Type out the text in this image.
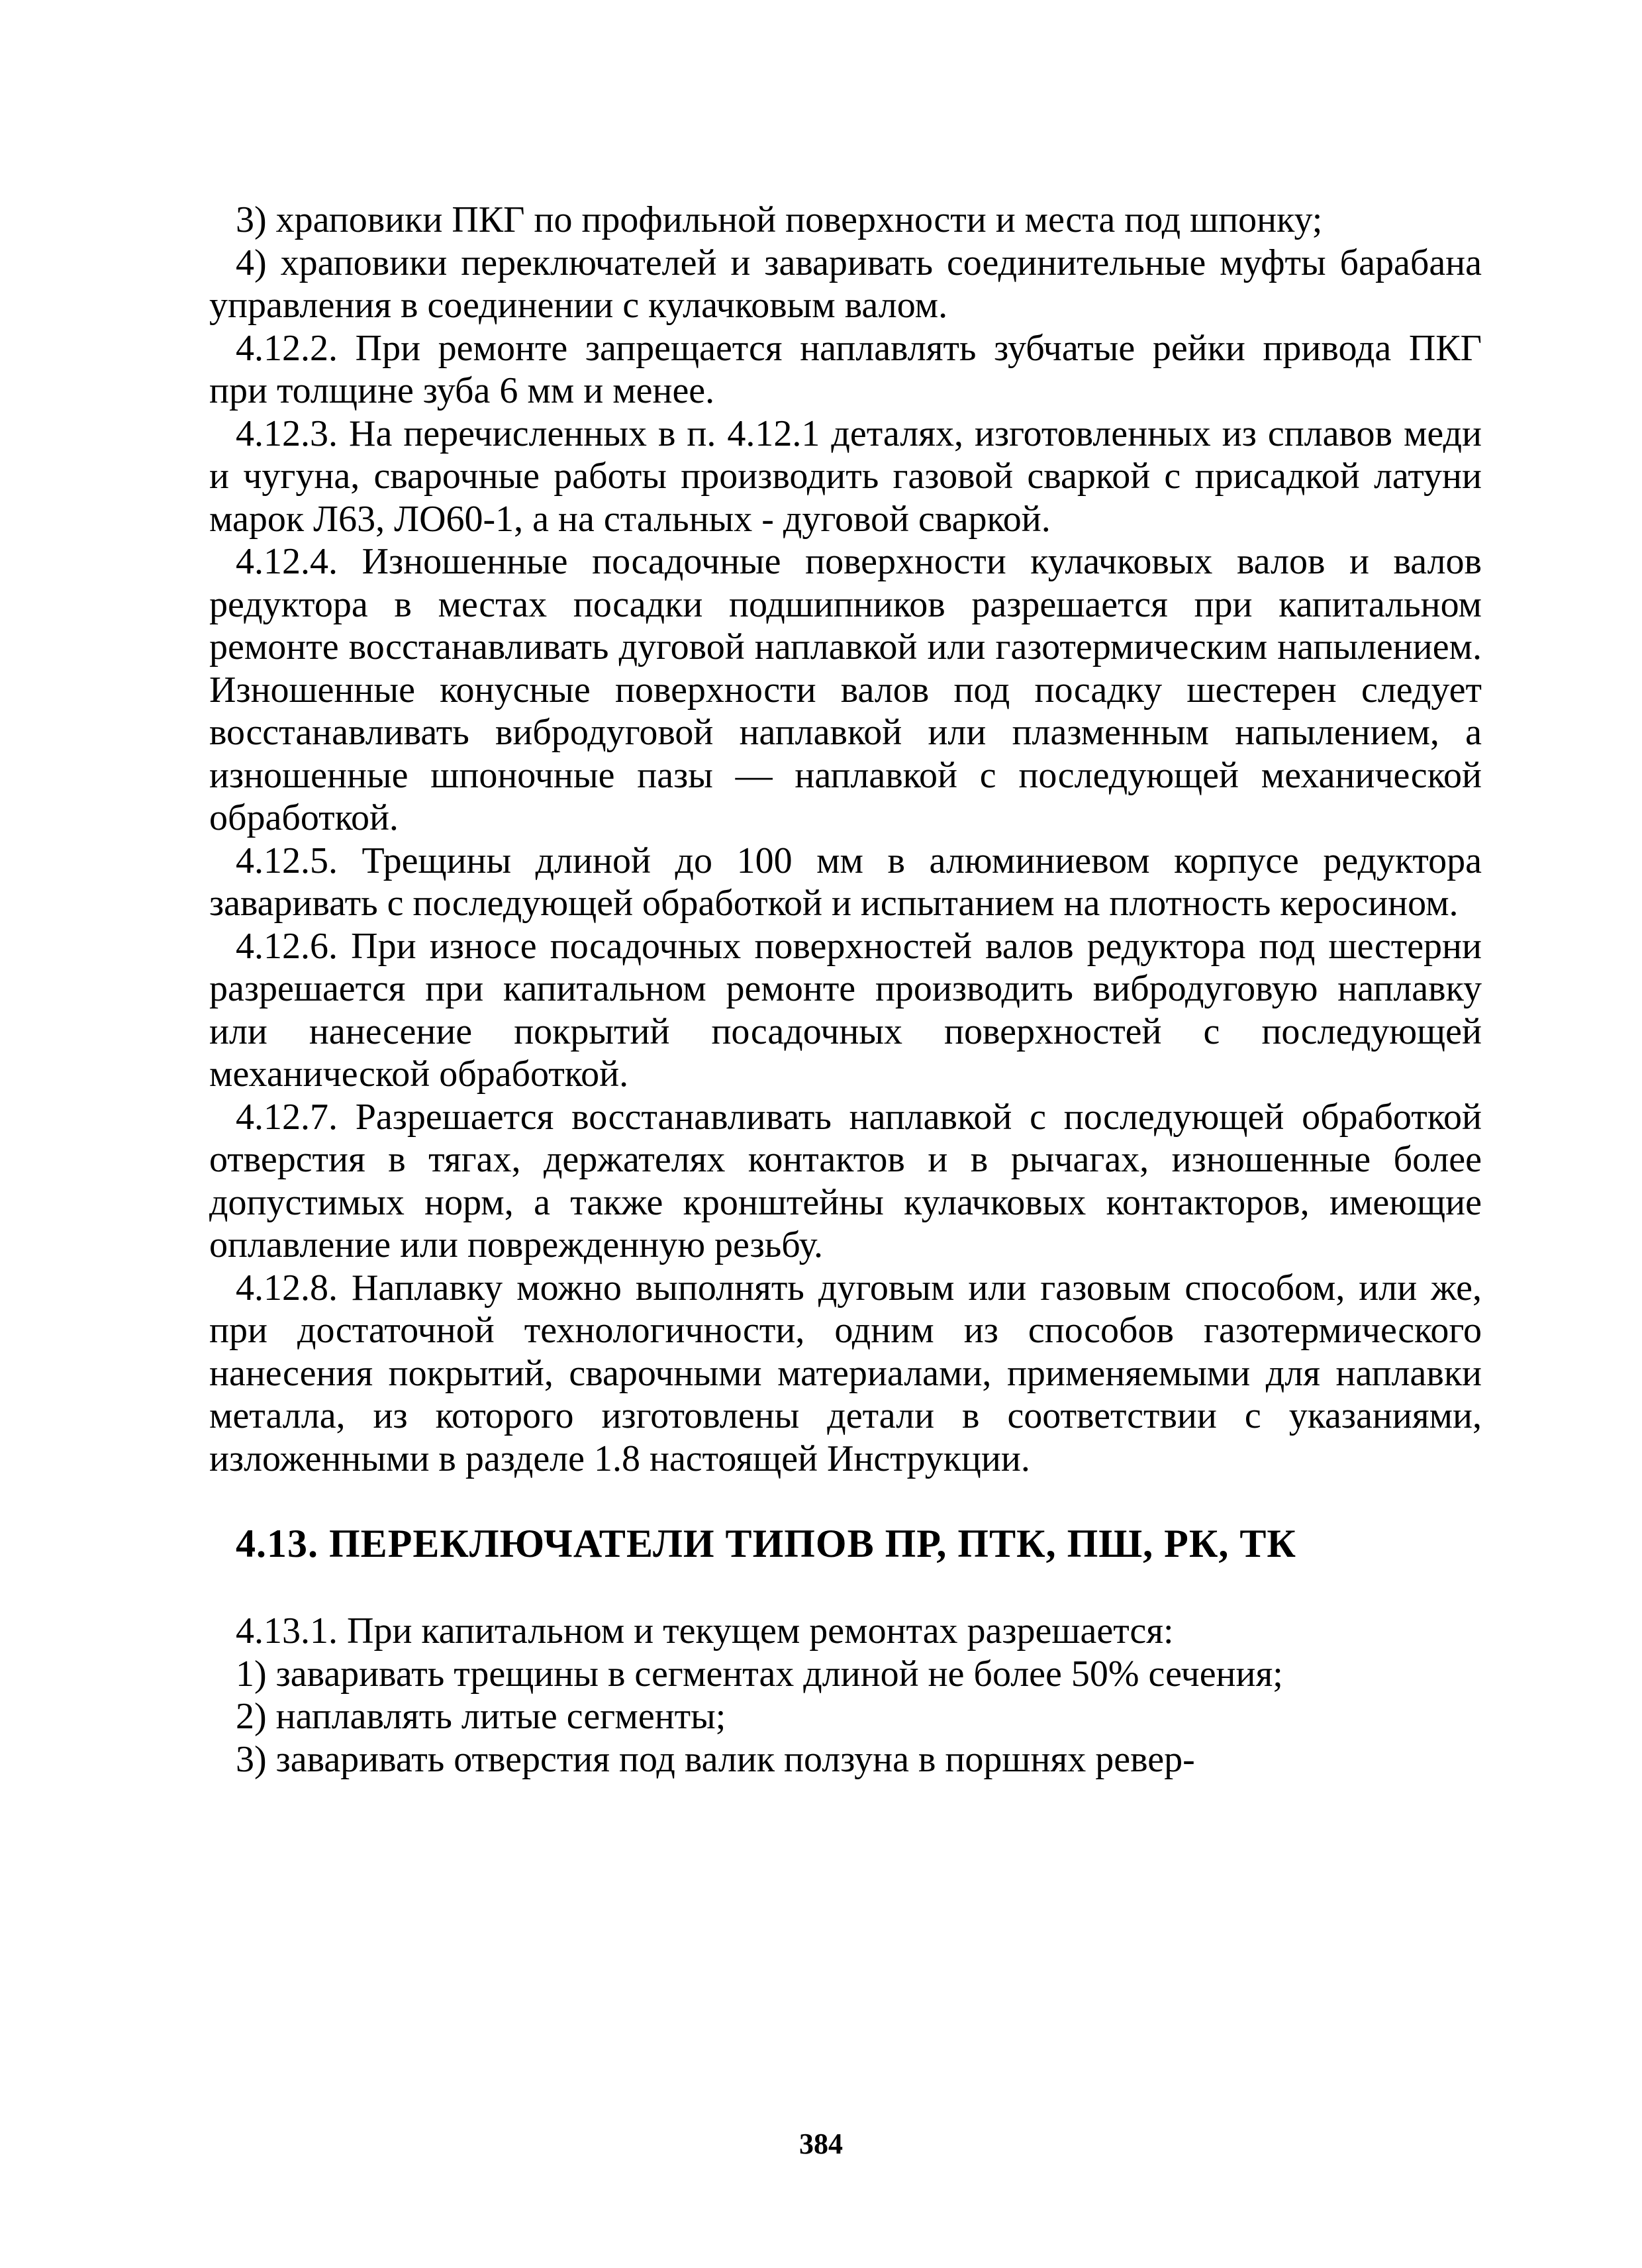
3) храповики ПКГ по профильной поверхности и места под шпонку;

4) храповики переключателей и заваривать соединительные муфты барабана управления в соединении с кулачковым валом.

4.12.2. При ремонте запрещается наплавлять зубчатые рейки привода ПКГ при толщине зуба 6 мм и менее.

4.12.3. На перечисленных в п. 4.12.1 деталях, изготовленных из сплавов меди и чугуна, сварочные работы производить газовой сваркой с присадкой латуни марок Л63, ЛО60-1, а на стальных - дуговой сваркой.

4.12.4. Изношенные посадочные поверхности кулачковых валов и валов редуктора в местах посадки подшипников разрешается при капитальном ремонте восстанавливать дуговой наплавкой или газотермическим напылением. Изношенные конусные поверхности валов под посадку шестерен следует восстанавливать вибродуговой наплавкой или плазменным напылением, а изношенные шпоночные пазы — наплавкой с последующей механической обработкой.

4.12.5. Трещины длиной до 100 мм в алюминиевом корпусе редуктора заваривать с последующей обработкой и испытанием на плотность керосином.

4.12.6. При износе посадочных поверхностей валов редуктора под шестерни разрешается при капитальном ремонте производить вибродуговую наплавку или нанесение покрытий посадочных поверхностей с последующей механической обработкой.

4.12.7. Разрешается восстанавливать наплавкой с последующей обработкой отверстия в тягах, держателях контактов и в рычагах, изношенные более допустимых норм, а также кронштейны кулачковых контакторов, имеющие оплавление или поврежденную резьбу.

4.12.8. Наплавку можно выполнять дуговым или газовым способом, или же, при достаточной технологичности, одним из способов газотермического нанесения покрытий, сварочными материалами, применяемыми для наплавки металла, из которого изготовлены детали в соответствии с указаниями, изложенными в разделе 1.8 настоящей Инструкции.

4.13. ПЕРЕКЛЮЧАТЕЛИ ТИПОВ ПР, ПТК, ПШ, РК, ТК

4.13.1. При капитальном и текущем ремонтах разрешается:

1) заваривать трещины в сегментах длиной не более 50% сечения;

2) наплавлять литые сегменты;

3) заваривать отверстия под валик ползуна в поршнях ревер-

384
